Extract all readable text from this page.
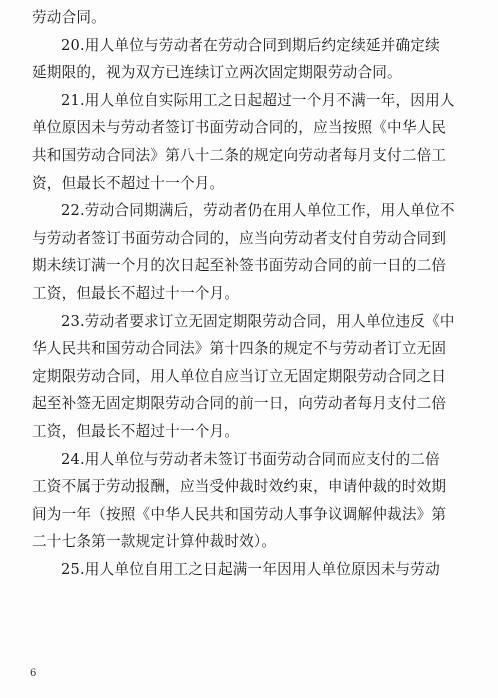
劳动合同。
20.用人单位与劳动者在劳动合同到期后约定续延并确定续
延期限的，视为双方已连续订立两次固定期限劳动合同。
21.用人单位自实际用工之日起超过一个月不满一年，因用人
单位原因未与劳动者签订书面劳动合同的，应当按照《中华人民
共和国劳动合同法》第八十二条的规定向劳动者每月支付二倍工
资，但最长不超过十一个月。
22.劳动合同期满后，劳动者仍在用人单位工作，用人单位不
与劳动者签订书面劳动合同的，应当向劳动者支付自劳动合同到
期未续订满一个月的次日起至补签书面劳动合同的前一日的二倍
工资，但最长不超过十一个月。
23.劳动者要求订立无固定期限劳动合同，用人单位违反《中
华人民共和国劳动合同法》第十四条的规定不与劳动者订立无固
定期限劳动合同，用人单位自应当订立无固定期限劳动合同之日
起至补签无固定期限劳动合同的前一日，向劳动者每月支付二倍
工资，但最长不超过十一个月。
24.用人单位与劳动者未签订书面劳动合同而应支付的二倍
工资不属于劳动报酬，应当受仲裁时效约束，申请仲裁的时效期
间为一年（按照《中华人民共和国劳动人事争议调解仲裁法》第
二十七条第一款规定计算仲裁时效）。
25.用人单位自用工之日起满一年因用人单位原因未与劳动
6
